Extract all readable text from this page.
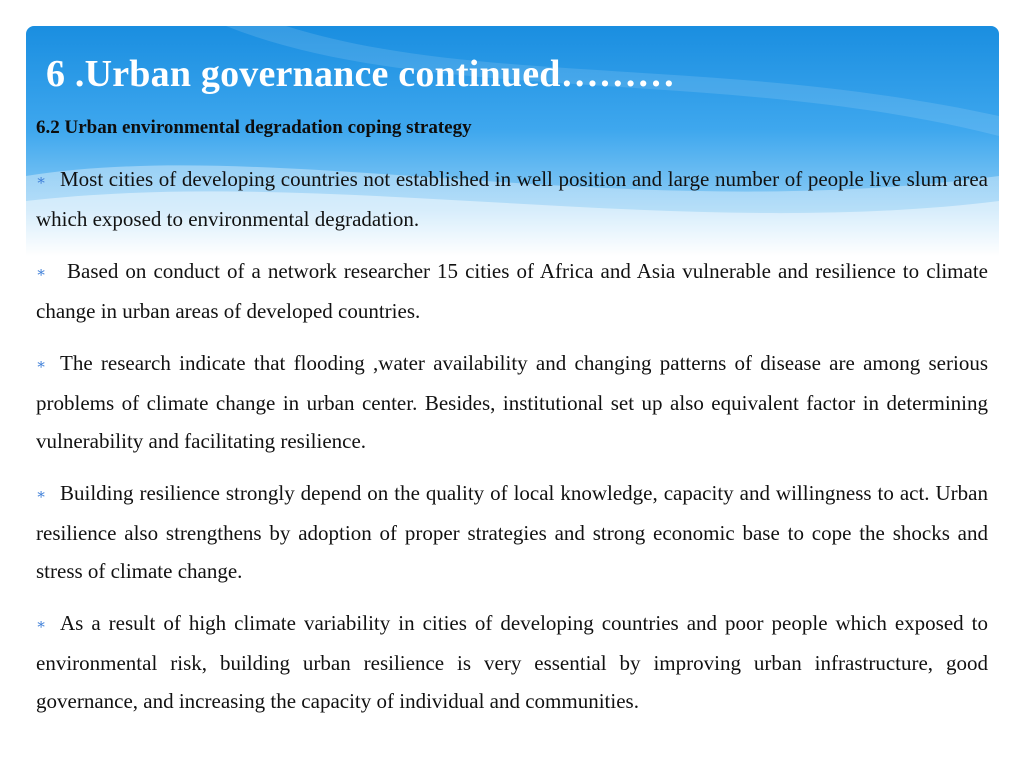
6 .Urban governance continued………
6.2 Urban environmental degradation coping strategy

∗ Most cities of developing countries not established in well position and large number of people live slum area which exposed to environmental degradation.

∗ Based on conduct of a network researcher 15 cities of Africa and Asia vulnerable and resilience to climate change in urban areas of developed countries.

∗ The research indicate that flooding ,water availability and changing patterns of disease are among serious problems of climate change in urban center. Besides, institutional set up also equivalent factor in determining vulnerability and facilitating resilience.

∗ Building resilience strongly depend on the quality of local knowledge, capacity and willingness to act. Urban resilience also strengthens by adoption of proper strategies and strong economic base to cope the shocks and stress of climate change.

∗ As a result of high climate variability in cities of developing countries and poor people which exposed to environmental risk, building urban resilience is very essential by improving urban infrastructure, good governance, and increasing the capacity of individual and communities.
